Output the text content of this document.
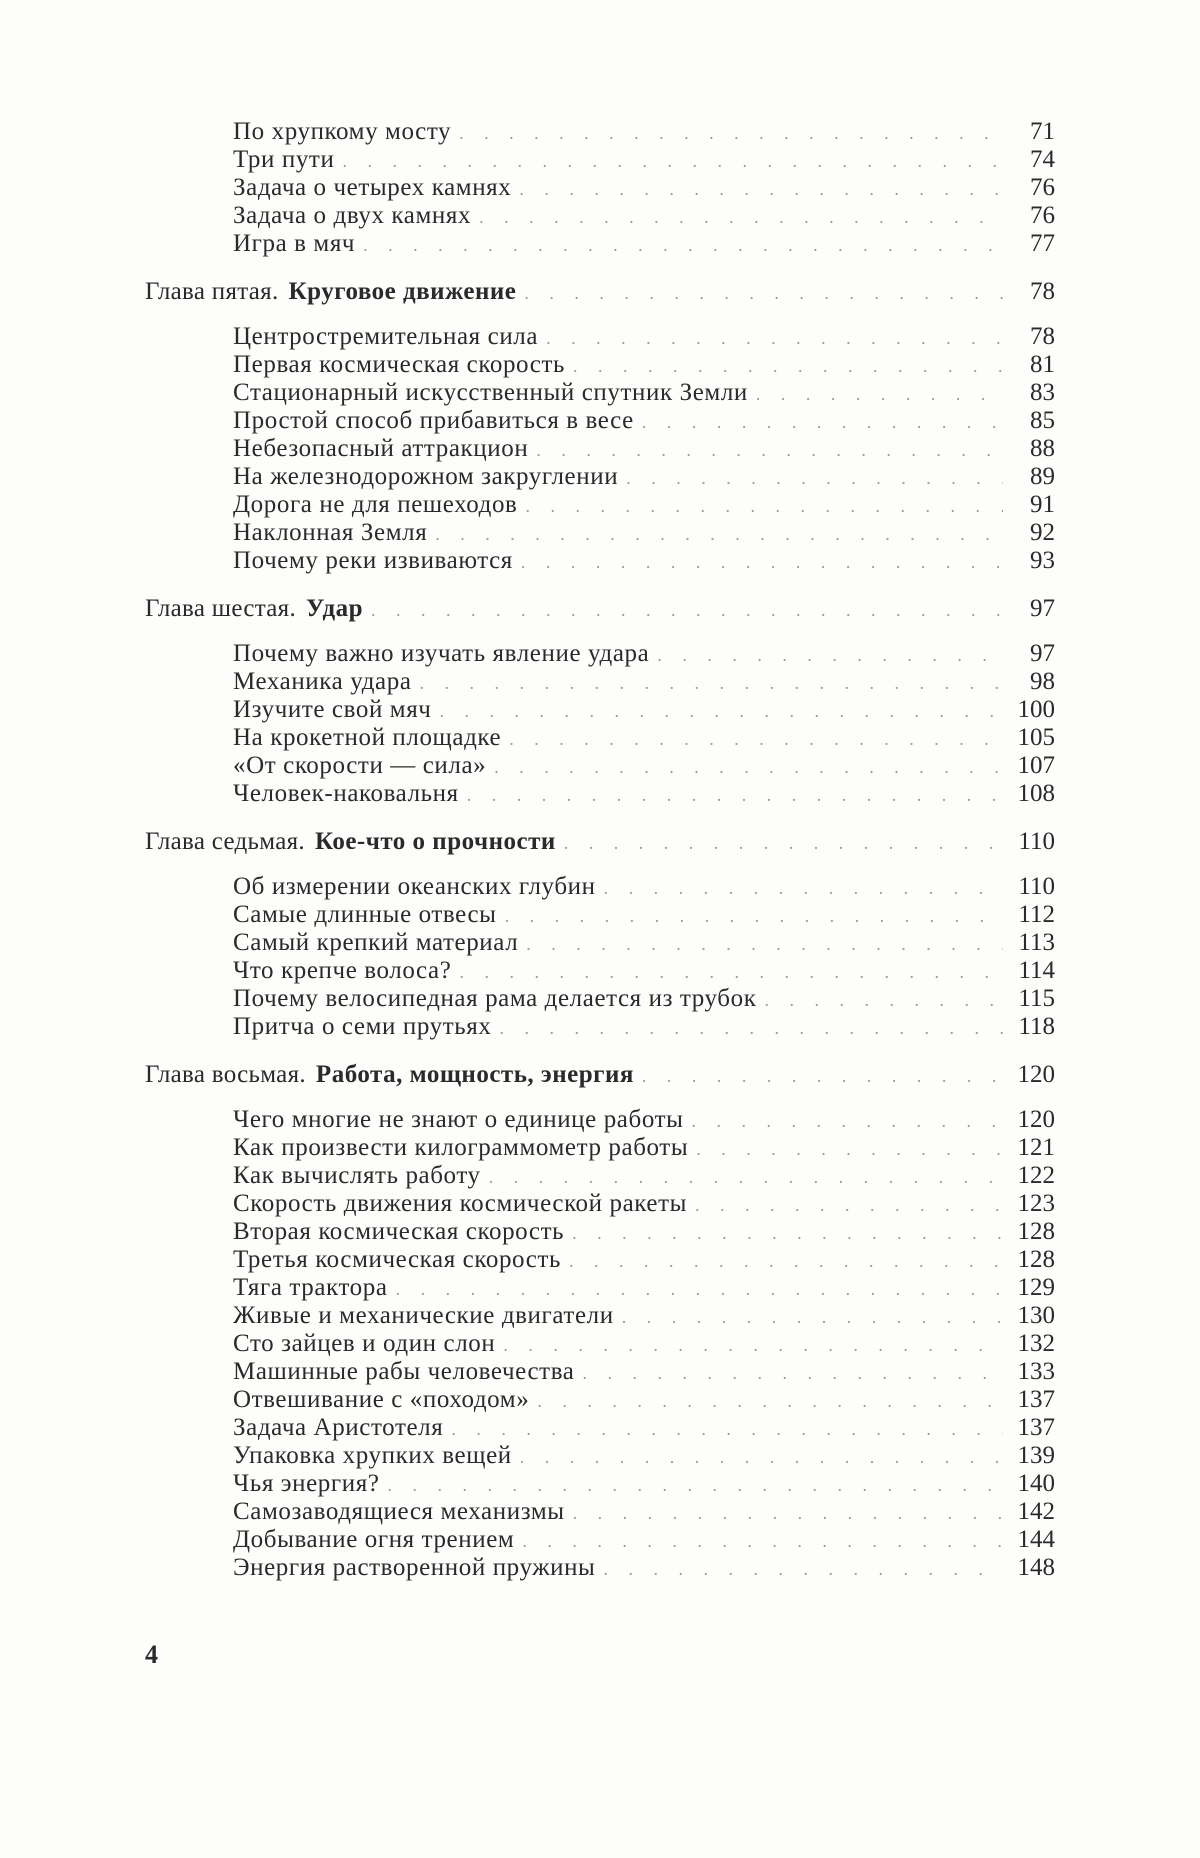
По хрупкому мосту . . .	71
Три пути . . .	74
Задача о четырех камнях . . .	76
Задача о двух камнях . . .	76
Игра в мяч . . .	77
Глава пятая. Круговое движение . . .	78
Центростремительная сила . . .	78
Первая космическая скорость . . .	81
Стационарный искусственный спутник Земли . . .	83
Простой способ прибавиться в весе . . .	85
Небезопасный аттракцион . . .	88
На железнодорожном закруглении . . .	89
Дорога не для пешеходов . . .	91
Наклонная Земля . . .	92
Почему реки извиваются . . .	93
Глава шестая. Удар . . .	97
Почему важно изучать явление удара . . .	97
Механика удара . . .	98
Изучите свой мяч . . .	100
На крокетной площадке . . .	105
«От скорости — сила» . . .	107
Человек-наковальня . . .	108
Глава седьмая. Кое-что о прочности . . .	110
Об измерении океанских глубин . . .	110
Самые длинные отвесы . . .	112
Самый крепкий материал . . .	113
Что крепче волоса? . . .	114
Почему велосипедная рама делается из трубок . . .	115
Притча о семи прутьях . . .	118
Глава восьмая. Работа, мощность, энергия . . .	120
Чего многие не знают о единице работы . . .	120
Как произвести килограммометр работы . . .	121
Как вычислять работу . . .	122
Скорость движения космической ракеты . . .	123
Вторая космическая скорость . . .	128
Третья космическая скорость . . .	128
Тяга трактора . . .	129
Живые и механические двигатели . . .	130
Сто зайцев и один слон . . .	132
Машинные рабы человечества . . .	133
Отвешивание с «походом» . . .	137
Задача Аристотеля . . .	137
Упаковка хрупких вещей . . .	139
Чья энергия? . . .	140
Самозаводящиеся механизмы . . .	142
Добывание огня трением . . .	144
Энергия растворенной пружины . . .	148
4
